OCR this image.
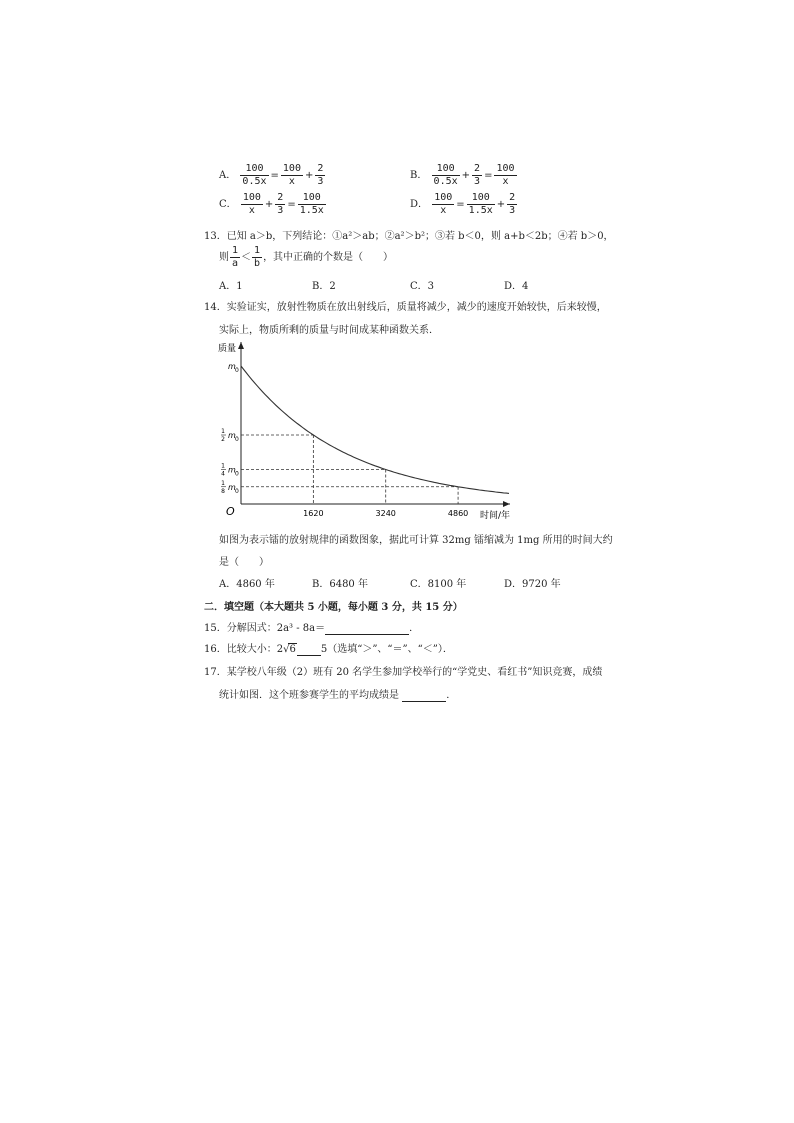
A． $\frac{100}{0.5x} = \frac{100}{x} + \frac{2}{3}$	B． $\frac{100}{0.5x} + \frac{2}{3} = \frac{100}{x}$
C． $\frac{100}{x} + \frac{2}{3} = \frac{100}{1.5x}$	D． $\frac{100}{x} = \frac{100}{1.5x} + \frac{2}{3}$
13．已知 a＞b，下列结论：①a²＞ab；②a²＞b²；③若 b＜0，则 a+b＜2b；④若 b＞0，
则 $\frac{1}{a} < \frac{1}{b}$ ，其中正确的个数是（　　）
A．1	B．2	C．3	D．4
14．实验证实，放射性物质在放出射线后，质量将减少，减少的速度开始较快，后来较慢，
实际上，物质所剩的质量与时间成某种函数关系．
质量
时间/年
O	1620	3240	4860
m 0
1
2 m 0
1
4 m 0
1
8 m 0
如图为表示镭的放射规律的函数图象，据此可计算 32mg 镭缩减为 1mg 所用的时间大约
是（　　）
A．4860 年	B．6480 年	C．8100 年	D．9720 年
二．填空题（本大题共 5 小题，每小题 3 分，共 15 分）
15．分解因式：2a³ - 8a＝	．
16．比较大小：2√6	5（选填“＞”、“＝”、“＜”）．
17．某学校八年级（2）班有 20 名学生参加学校举行的“学党史、看红书”知识竞赛，成绩
统计如图．这个班参赛学生的平均成绩是	．
